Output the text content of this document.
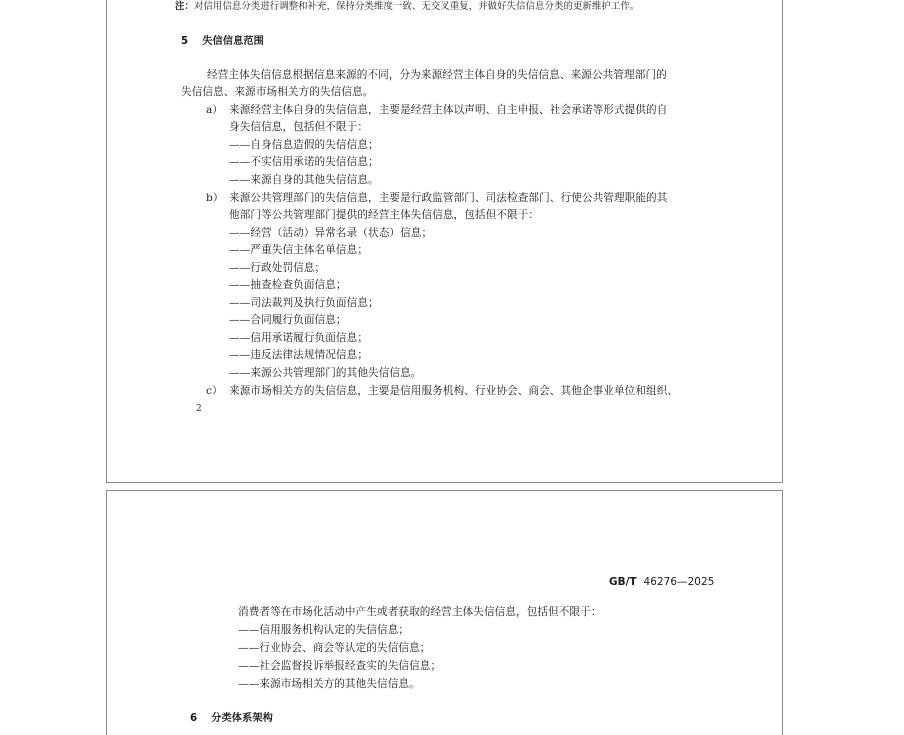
注：对信用信息分类进行调整和补充，保持分类维度一致、无交叉重复，并做好失信信息分类的更新维护工作。
5 失信信息范围
经营主体失信信息根据信息来源的不同，分为来源经营主体自身的失信信息、来源公共管理部门的
失信信息、来源市场相关方的失信信息。
a） 来源经营主体自身的失信信息，主要是经营主体以声明、自主申报、社会承诺等形式提供的自
身失信信息，包括但不限于：
——自身信息造假的失信信息；
——不实信用承诺的失信信息；
——来源自身的其他失信信息。
b） 来源公共管理部门的失信信息，主要是行政监管部门、司法检查部门、行使公共管理职能的其
他部门等公共管理部门提供的经营主体失信信息，包括但不限于：
——经营（活动）异常名录（状态）信息；
——严重失信主体名单信息；
——行政处罚信息；
——抽查检查负面信息；
——司法裁判及执行负面信息；
——合同履行负面信息；
——信用承诺履行负面信息；
——违反法律法规情况信息；
——来源公共管理部门的其他失信信息。
c） 来源市场相关方的失信信息，主要是信用服务机构、行业协会、商会、其他企事业单位和组织、
2
GB/T 46276—2025
消费者等在市场化活动中产生或者获取的经营主体失信信息，包括但不限于：
——信用服务机构认定的失信信息；
——行业协会、商会等认定的失信信息；
——社会监督投诉举报经查实的失信信息；
——来源市场相关方的其他失信信息。
6 分类体系架构
